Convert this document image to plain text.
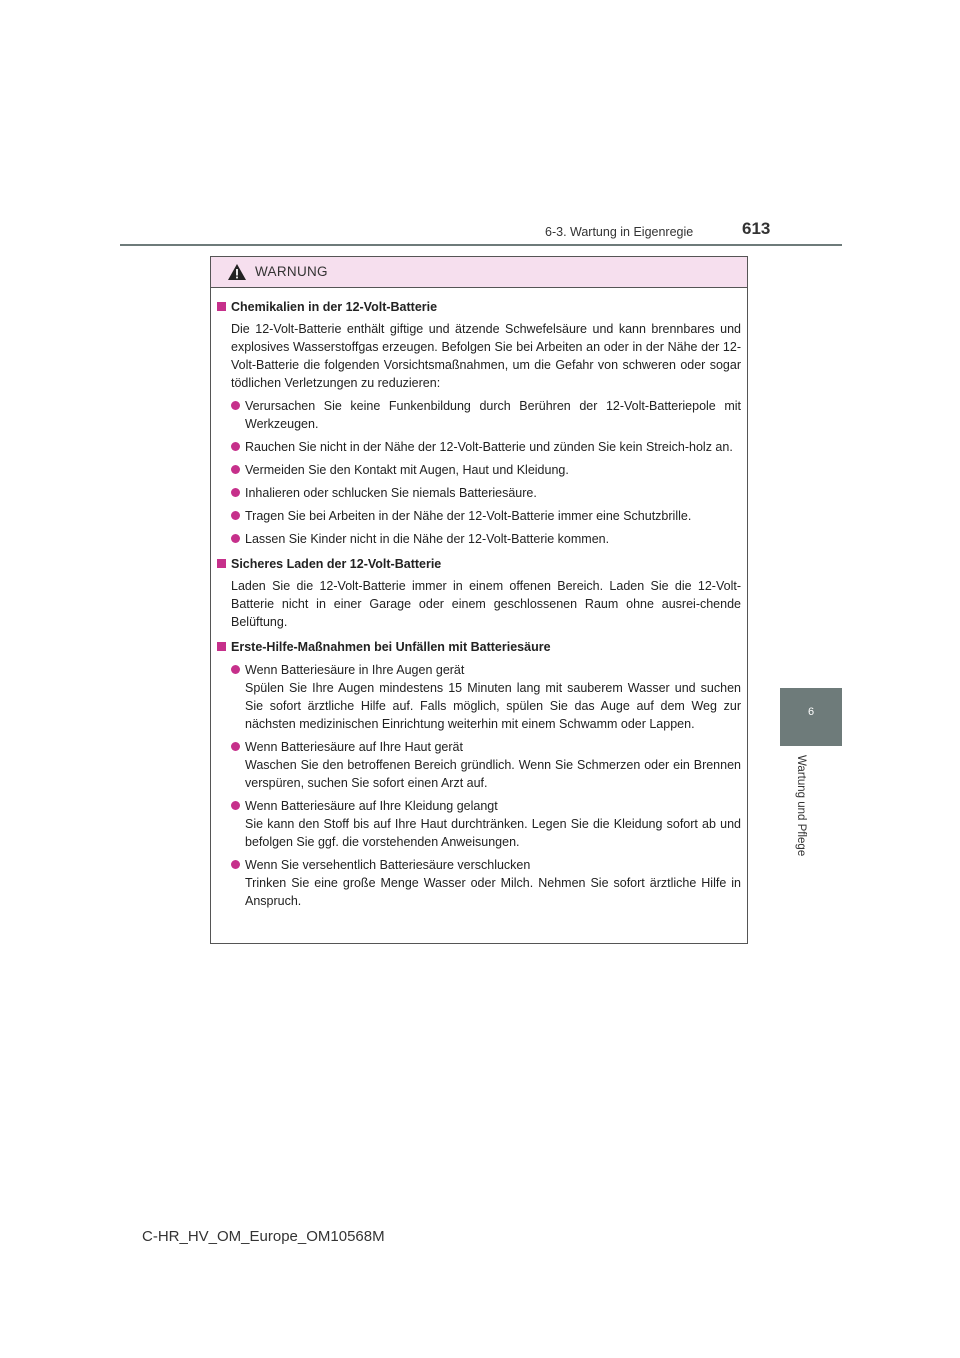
6-3. Wartung in Eigenregie	613
6
Wartung und Pflege
WARNUNG
Chemikalien in der 12-Volt-Batterie
Die 12-Volt-Batterie enthält giftige und ätzende Schwefelsäure und kann brennbares und explosives Wasserstoffgas erzeugen. Befolgen Sie bei Arbeiten an oder in der Nähe der 12-Volt-Batterie die folgenden Vorsichtsmaßnahmen, um die Gefahr von schweren oder sogar tödlichen Verletzungen zu reduzieren:
Verursachen Sie keine Funkenbildung durch Berühren der 12-Volt-Batteriepole mit Werkzeugen.
Rauchen Sie nicht in der Nähe der 12-Volt-Batterie und zünden Sie kein Streich-holz an.
Vermeiden Sie den Kontakt mit Augen, Haut und Kleidung.
Inhalieren oder schlucken Sie niemals Batteriesäure.
Tragen Sie bei Arbeiten in der Nähe der 12-Volt-Batterie immer eine Schutzbrille.
Lassen Sie Kinder nicht in die Nähe der 12-Volt-Batterie kommen.
Sicheres Laden der 12-Volt-Batterie
Laden Sie die 12-Volt-Batterie immer in einem offenen Bereich. Laden Sie die 12-Volt-Batterie nicht in einer Garage oder einem geschlossenen Raum ohne ausrei-chende Belüftung.
Erste-Hilfe-Maßnahmen bei Unfällen mit Batteriesäure
Wenn Batteriesäure in Ihre Augen gerät
Spülen Sie Ihre Augen mindestens 15 Minuten lang mit sauberem Wasser und suchen Sie sofort ärztliche Hilfe auf. Falls möglich, spülen Sie das Auge auf dem Weg zur nächsten medizinischen Einrichtung weiterhin mit einem Schwamm oder Lappen.
Wenn Batteriesäure auf Ihre Haut gerät
Waschen Sie den betroffenen Bereich gründlich. Wenn Sie Schmerzen oder ein Brennen verspüren, suchen Sie sofort einen Arzt auf.
Wenn Batteriesäure auf Ihre Kleidung gelangt
Sie kann den Stoff bis auf Ihre Haut durchtränken. Legen Sie die Kleidung sofort ab und befolgen Sie ggf. die vorstehenden Anweisungen.
Wenn Sie versehentlich Batteriesäure verschlucken
Trinken Sie eine große Menge Wasser oder Milch. Nehmen Sie sofort ärztliche Hilfe in Anspruch.
C-HR_HV_OM_Europe_OM10568M
